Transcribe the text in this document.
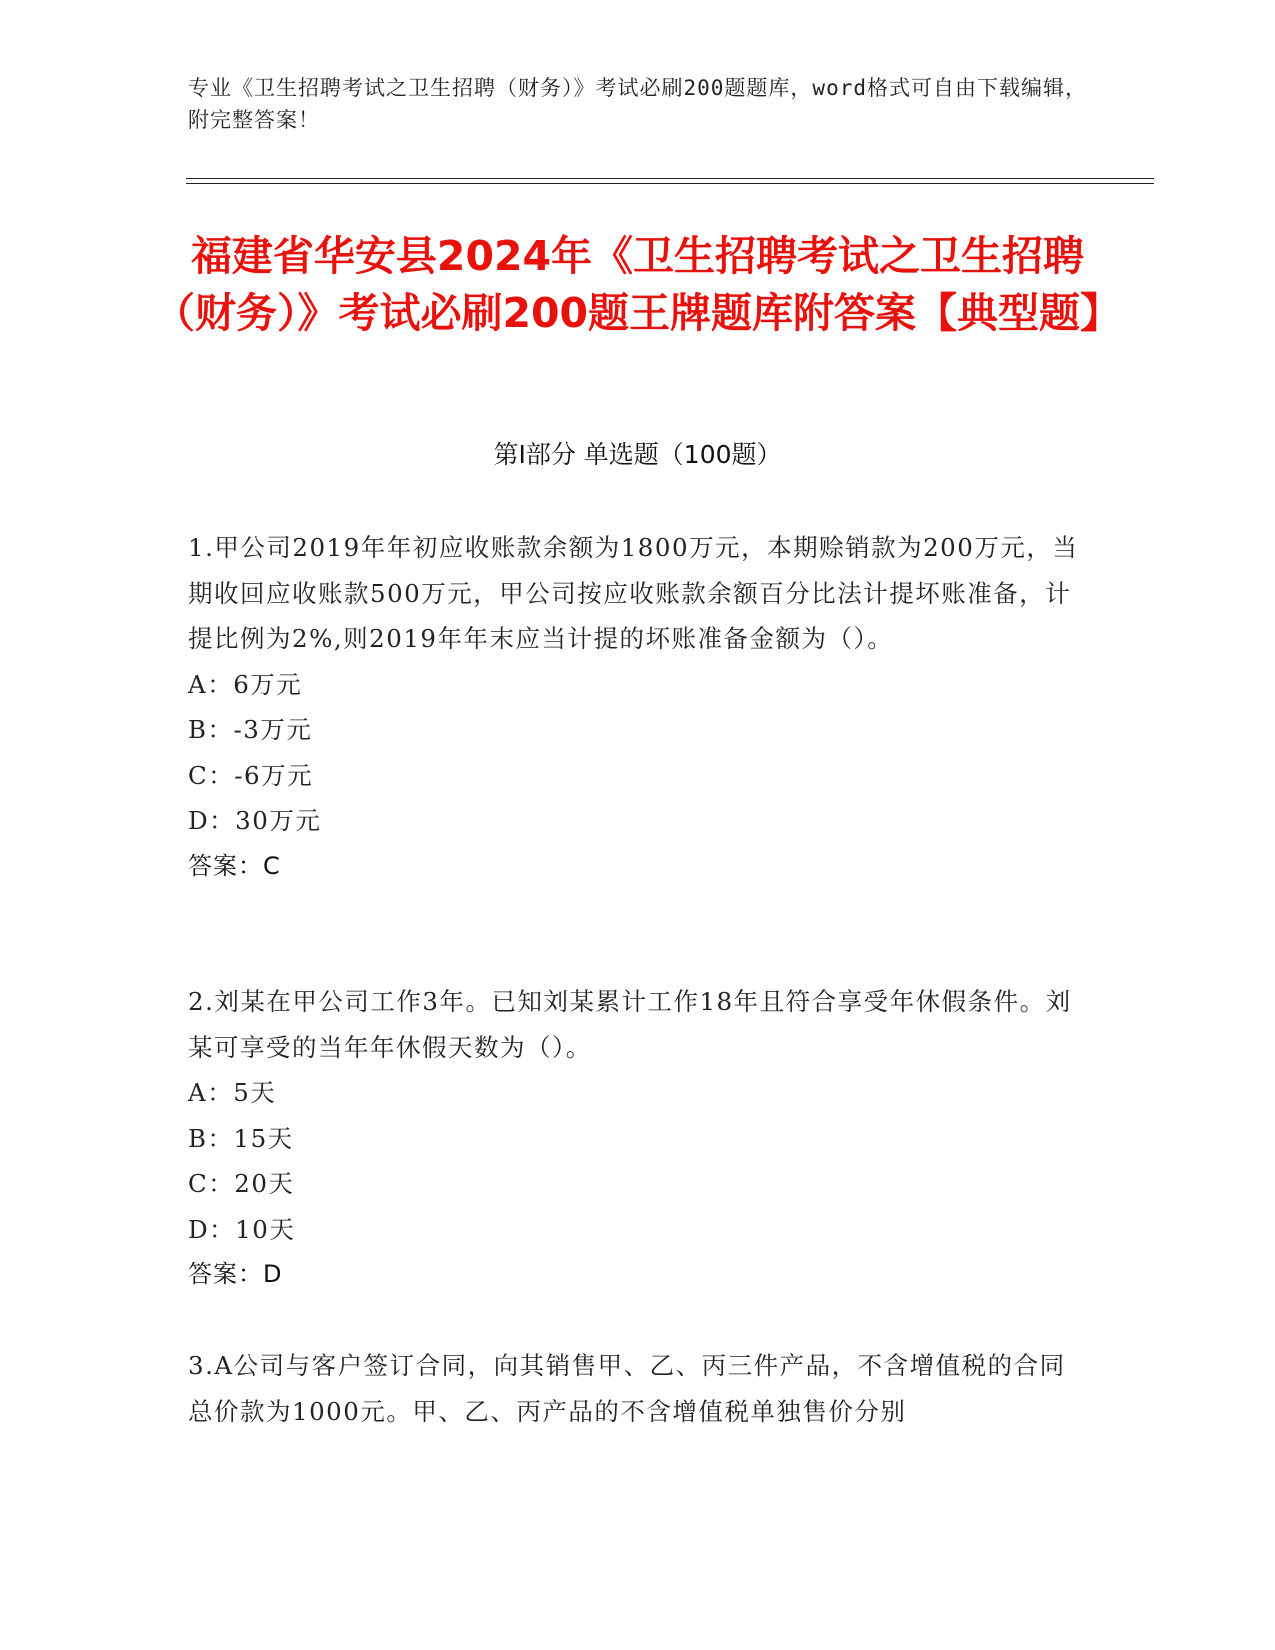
专业《卫生招聘考试之卫生招聘（财务）》考试必刷200题题库，word格式可自由下载编辑，附完整答案！
福建省华安县2024年《卫生招聘考试之卫生招聘（财务）》考试必刷200题王牌题库附答案【典型题】
第I部分 单选题（100题）

1.甲公司2019年年初应收账款余额为1800万元，本期赊销款为200万元，当期收回应收账款500万元，甲公司按应收账款余额百分比法计提坏账准备，计提比例为2%,则2019年年末应当计提的坏账准备金额为（）。

A：6万元

B：-3万元

C：-6万元

D：30万元

答案：C

2.刘某在甲公司工作3年。已知刘某累计工作18年且符合享受年休假条件。刘某可享受的当年年休假天数为（）。

A：5天

B：15天

C：20天

D：10天

答案：D

3.A公司与客户签订合同，向其销售甲、乙、丙三件产品，不含增值税的合同总价款为1000元。甲、乙、丙产品的不含增值税单独售价分别
